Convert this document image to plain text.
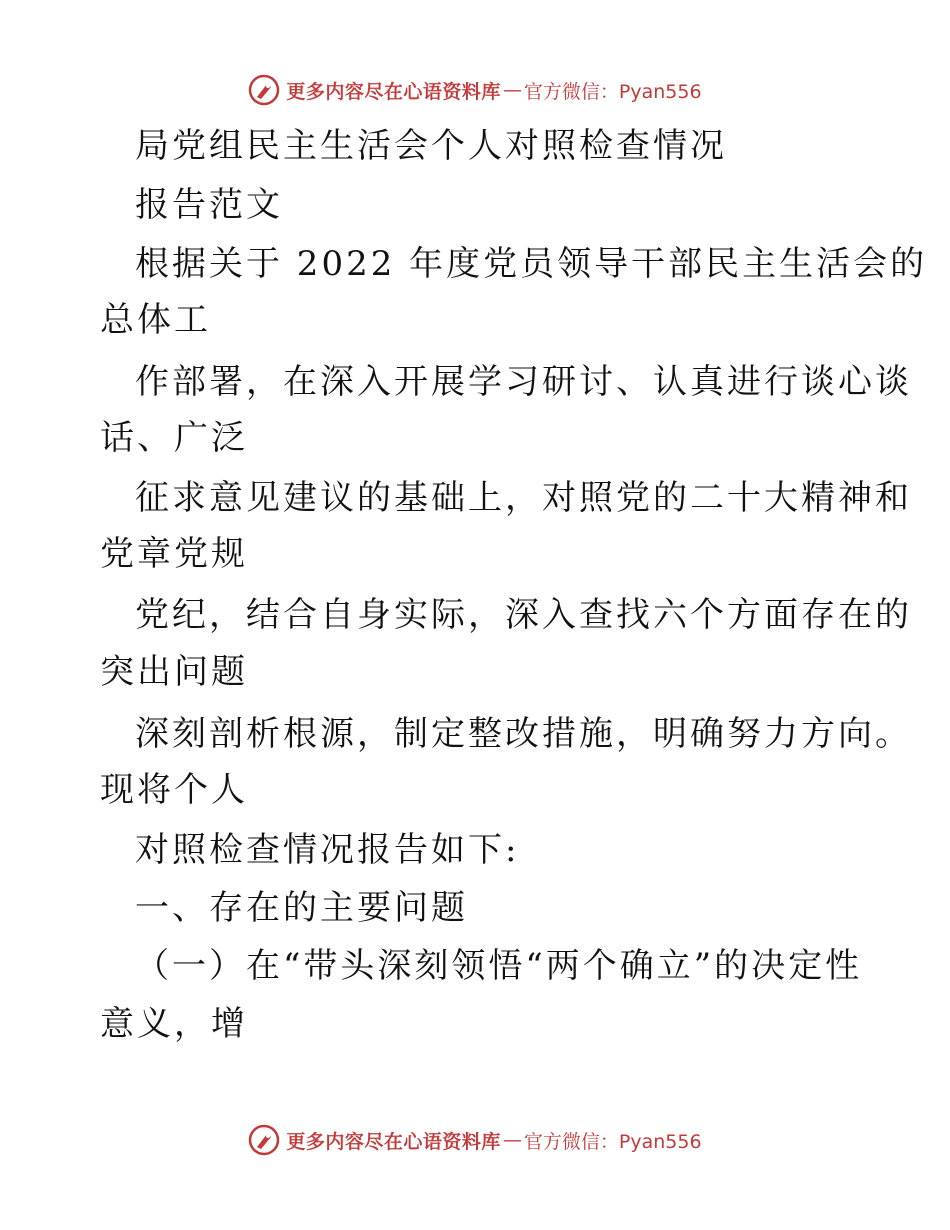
更多内容尽在心语资料库 — 官方微信：Pyan556
局党组民主生活会个人对照检查情况
报告范文
根据关于 2022 年度党员领导干部民主生活会的
总体工
作部署，在深入开展学习研讨、认真进行谈心谈
话、广泛
征求意见建议的基础上，对照党的二十大精神和
党章党规
党纪，结合自身实际，深入查找六个方面存在的
突出问题
深刻剖析根源，制定整改措施，明确努力方向。
现将个人
对照检查情况报告如下:
一、存在的主要问题
（一）在“带头深刻领悟“两个确立”的决定性
意义，增
更多内容尽在心语资料库 — 官方微信：Pyan556
